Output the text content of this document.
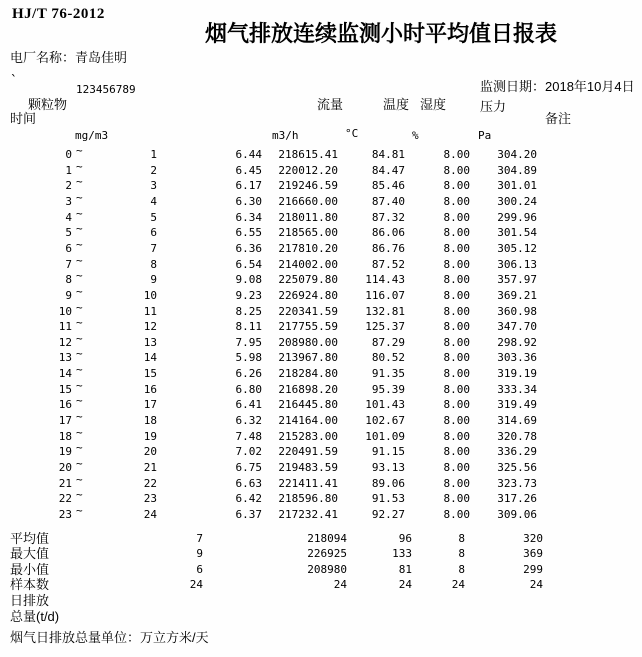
HJ/T 76-2012
烟气排放连续监测小时平均值日报表
电厂名称：青岛佳明
`
123456789	监测日期：2018年10月4日
时间
颗粒物	流量	温度 湿度	压力
备注
mg/m3	m3/h	°C	%	Pa
0 ~	1	6.44	218615.41	84.81	8.00	304.20
1 ~	2	6.45	220012.20	84.47	8.00	304.89
2 ~	3	6.17	219246.59	85.46	8.00	301.01
3 ~	4	6.30	216660.00	87.40	8.00	300.24
4 ~	5	6.34	218011.80	87.32	8.00	299.96
5 ~	6	6.55	218565.00	86.06	8.00	301.54
6 ~	7	6.36	217810.20	86.76	8.00	305.12
7 ~	8	6.54	214002.00	87.52	8.00	306.13
8 ~	9	9.08	225079.80	114.43	8.00	357.97
9 ~	10	9.23	226924.80	116.07	8.00	369.21
10 ~	11	8.25	220341.59	132.81	8.00	360.98
11 ~	12	8.11	217755.59	125.37	8.00	347.70
12 ~	13	7.95	208980.00	87.29	8.00	298.92
13 ~	14	5.98	213967.80	80.52	8.00	303.36
14 ~	15	6.26	218284.80	91.35	8.00	319.19
15 ~	16	6.80	216898.20	95.39	8.00	333.34
16 ~	17	6.41	216445.80	101.43	8.00	319.49
17 ~	18	6.32	214164.00	102.67	8.00	314.69
18 ~	19	7.48	215283.00	101.09	8.00	320.78
19 ~	20	7.02	220491.59	91.15	8.00	336.29
20 ~	21	6.75	219483.59	93.13	8.00	325.56
21 ~	22	6.63	221411.41	89.06	8.00	323.73
22 ~	23	6.42	218596.80	91.53	8.00	317.26
23 ~	24	6.37	217232.41	92.27	8.00	309.06
平均值	7	218094	96	8	320
最大值	9	226925	133	8	369
最小值	6	208980	81	8	299
样本数	24	24	24	24	24
日排放
总量(t/d)
烟气日排放总量单位：万立方米/天
